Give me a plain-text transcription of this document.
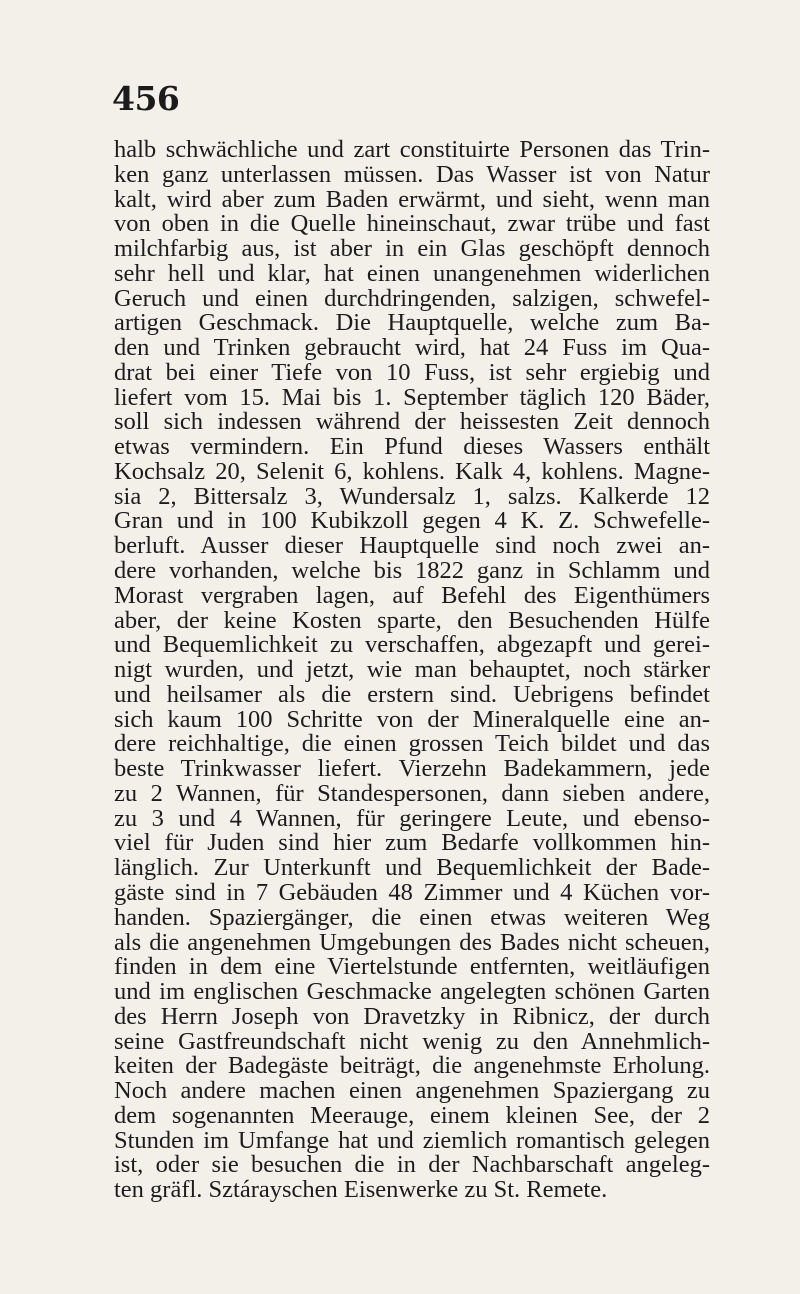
456
halb schwächliche und zart constituirte Personen das Trin-
ken ganz unterlassen müssen. Das Wasser ist von Natur
kalt, wird aber zum Baden erwärmt, und sieht, wenn man
von oben in die Quelle hineinschaut, zwar trübe und fast
milchfarbig aus, ist aber in ein Glas geschöpft dennoch
sehr hell und klar, hat einen unangenehmen widerlichen
Geruch und einen durchdringenden, salzigen, schwefel-
artigen Geschmack. Die Hauptquelle, welche zum Ba-
den und Trinken gebraucht wird, hat 24 Fuss im Qua-
drat bei einer Tiefe von 10 Fuss, ist sehr ergiebig und
liefert vom 15. Mai bis 1. September täglich 120 Bäder,
soll sich indessen während der heissesten Zeit dennoch
etwas vermindern. Ein Pfund dieses Wassers enthält
Kochsalz 20, Selenit 6, kohlens. Kalk 4, kohlens. Magne-
sia 2, Bittersalz 3, Wundersalz 1, salzs. Kalkerde 12
Gran und in 100 Kubikzoll gegen 4 K. Z. Schwefelle-
berluft. Ausser dieser Hauptquelle sind noch zwei an-
dere vorhanden, welche bis 1822 ganz in Schlamm und
Morast vergraben lagen, auf Befehl des Eigenthümers
aber, der keine Kosten sparte, den Besuchenden Hülfe
und Bequemlichkeit zu verschaffen, abgezapft und gerei-
nigt wurden, und jetzt, wie man behauptet, noch stärker
und heilsamer als die erstern sind. Uebrigens befindet
sich kaum 100 Schritte von der Mineralquelle eine an-
dere reichhaltige, die einen grossen Teich bildet und das
beste Trinkwasser liefert. Vierzehn Badekammern, jede
zu 2 Wannen, für Standespersonen, dann sieben andere,
zu 3 und 4 Wannen, für geringere Leute, und ebenso-
viel für Juden sind hier zum Bedarfe vollkommen hin-
länglich. Zur Unterkunft und Bequemlichkeit der Bade-
gäste sind in 7 Gebäuden 48 Zimmer und 4 Küchen vor-
handen. Spaziergänger, die einen etwas weiteren Weg
als die angenehmen Umgebungen des Bades nicht scheuen,
finden in dem eine Viertelstunde entfernten, weitläufigen
und im englischen Geschmacke angelegten schönen Garten
des Herrn Joseph von Dravetzky in Ribnicz, der durch
seine Gastfreundschaft nicht wenig zu den Annehmlich-
keiten der Badegäste beiträgt, die angenehmste Erholung.
Noch andere machen einen angenehmen Spaziergang zu
dem sogenannten Meerauge, einem kleinen See, der 2
Stunden im Umfange hat und ziemlich romantisch gelegen
ist, oder sie besuchen die in der Nachbarschaft angeleg-
ten gräfl. Sztárayschen Eisenwerke zu St. Remete.
